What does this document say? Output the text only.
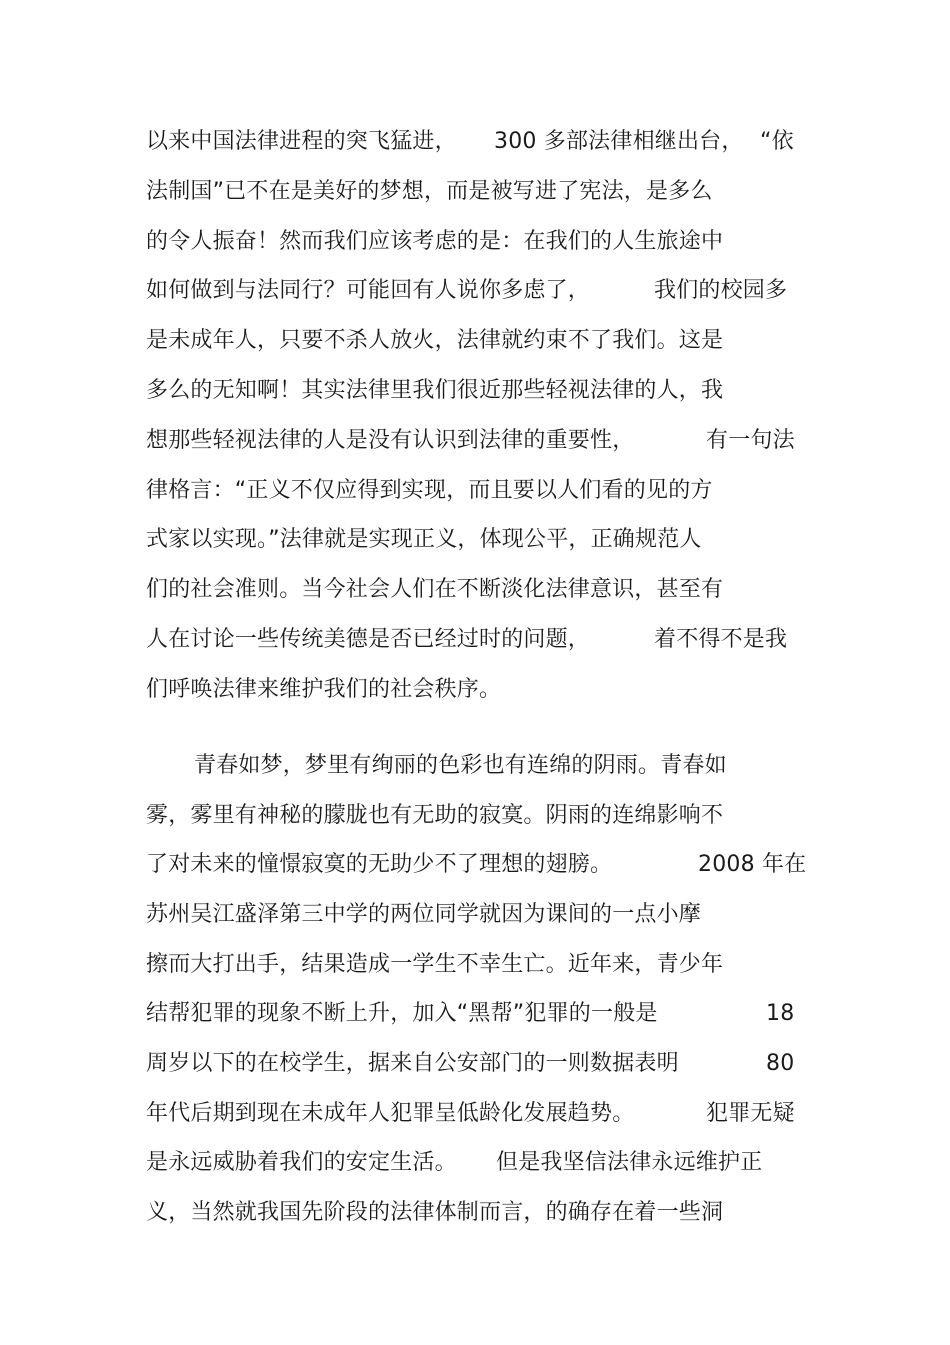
以来中国法律进程的突飞猛进，

300 多部法律相继出台，

“依

法制国”已不在是美好的梦想，而是被写进了宪法，是多么

的令人振奋！然而我们应该考虑的是：在我们的人生旅途中

如何做到与法同行？可能回有人说你多虑了，

	我们的校园多

是未成年人，只要不杀人放火，法律就约束不了我们。这是

多么的无知啊！其实法律里我们很近那些轻视法律的人，我

想那些轻视法律的人是没有认识到法律的重要性，

	有一句法

律格言：“正义不仅应得到实现，而且要以人们看的见的方

式家以实现。”法律就是实现正义，体现公平，正确规范人

们的社会准则。当今社会人们在不断淡化法律意识，甚至有

人在讨论一些传统美德是否已经过时的问题，

	着不得不是我

们呼唤法律来维护我们的社会秩序。

青春如梦，梦里有绚丽的色彩也有连绵的阴雨。青春如

雾，雾里有神秘的朦胧也有无助的寂寞。阴雨的连绵影响不

了对未来的憧憬寂寞的无助少不了理想的翅膀。

	2008 年在

苏州吴江盛泽第三中学的两位同学就因为课间的一点小摩

擦而大打出手，结果造成一学生不幸生亡。近年来，青少年

结帮犯罪的现象不断上升，加入“黑帮”犯罪的一般是

	18

周岁以下的在校学生，据来自公安部门的一则数据表明

	80

年代后期到现在未成年人犯罪呈低龄化发展趋势。

	犯罪无疑

是永远威胁着我们的安定生活。

但是我坚信法律永远维护正

义，当然就我国先阶段的法律体制而言，的确存在着一些洞
